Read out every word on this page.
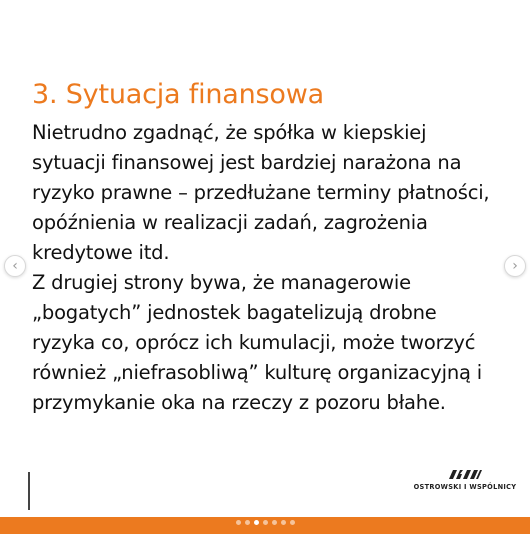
3. Sytuacja finansowa
Nietrudno zgadnąć, że spółka w kiepskiej
sytuacji finansowej jest bardziej narażona na
ryzyko prawne – przedłużane terminy płatności,
opóźnienia w realizacji zadań, zagrożenia
kredytowe itd.
Z drugiej strony bywa, że managerowie
„bogatych” jednostek bagatelizują drobne
ryzyka co, oprócz ich kumulacji, może tworzyć
również „niefrasobliwą” kulturę organizacyjną i
przymykanie oka na rzeczy z pozoru błahe.
OSTROWSKI I WSPÓLNICY
‹	›
